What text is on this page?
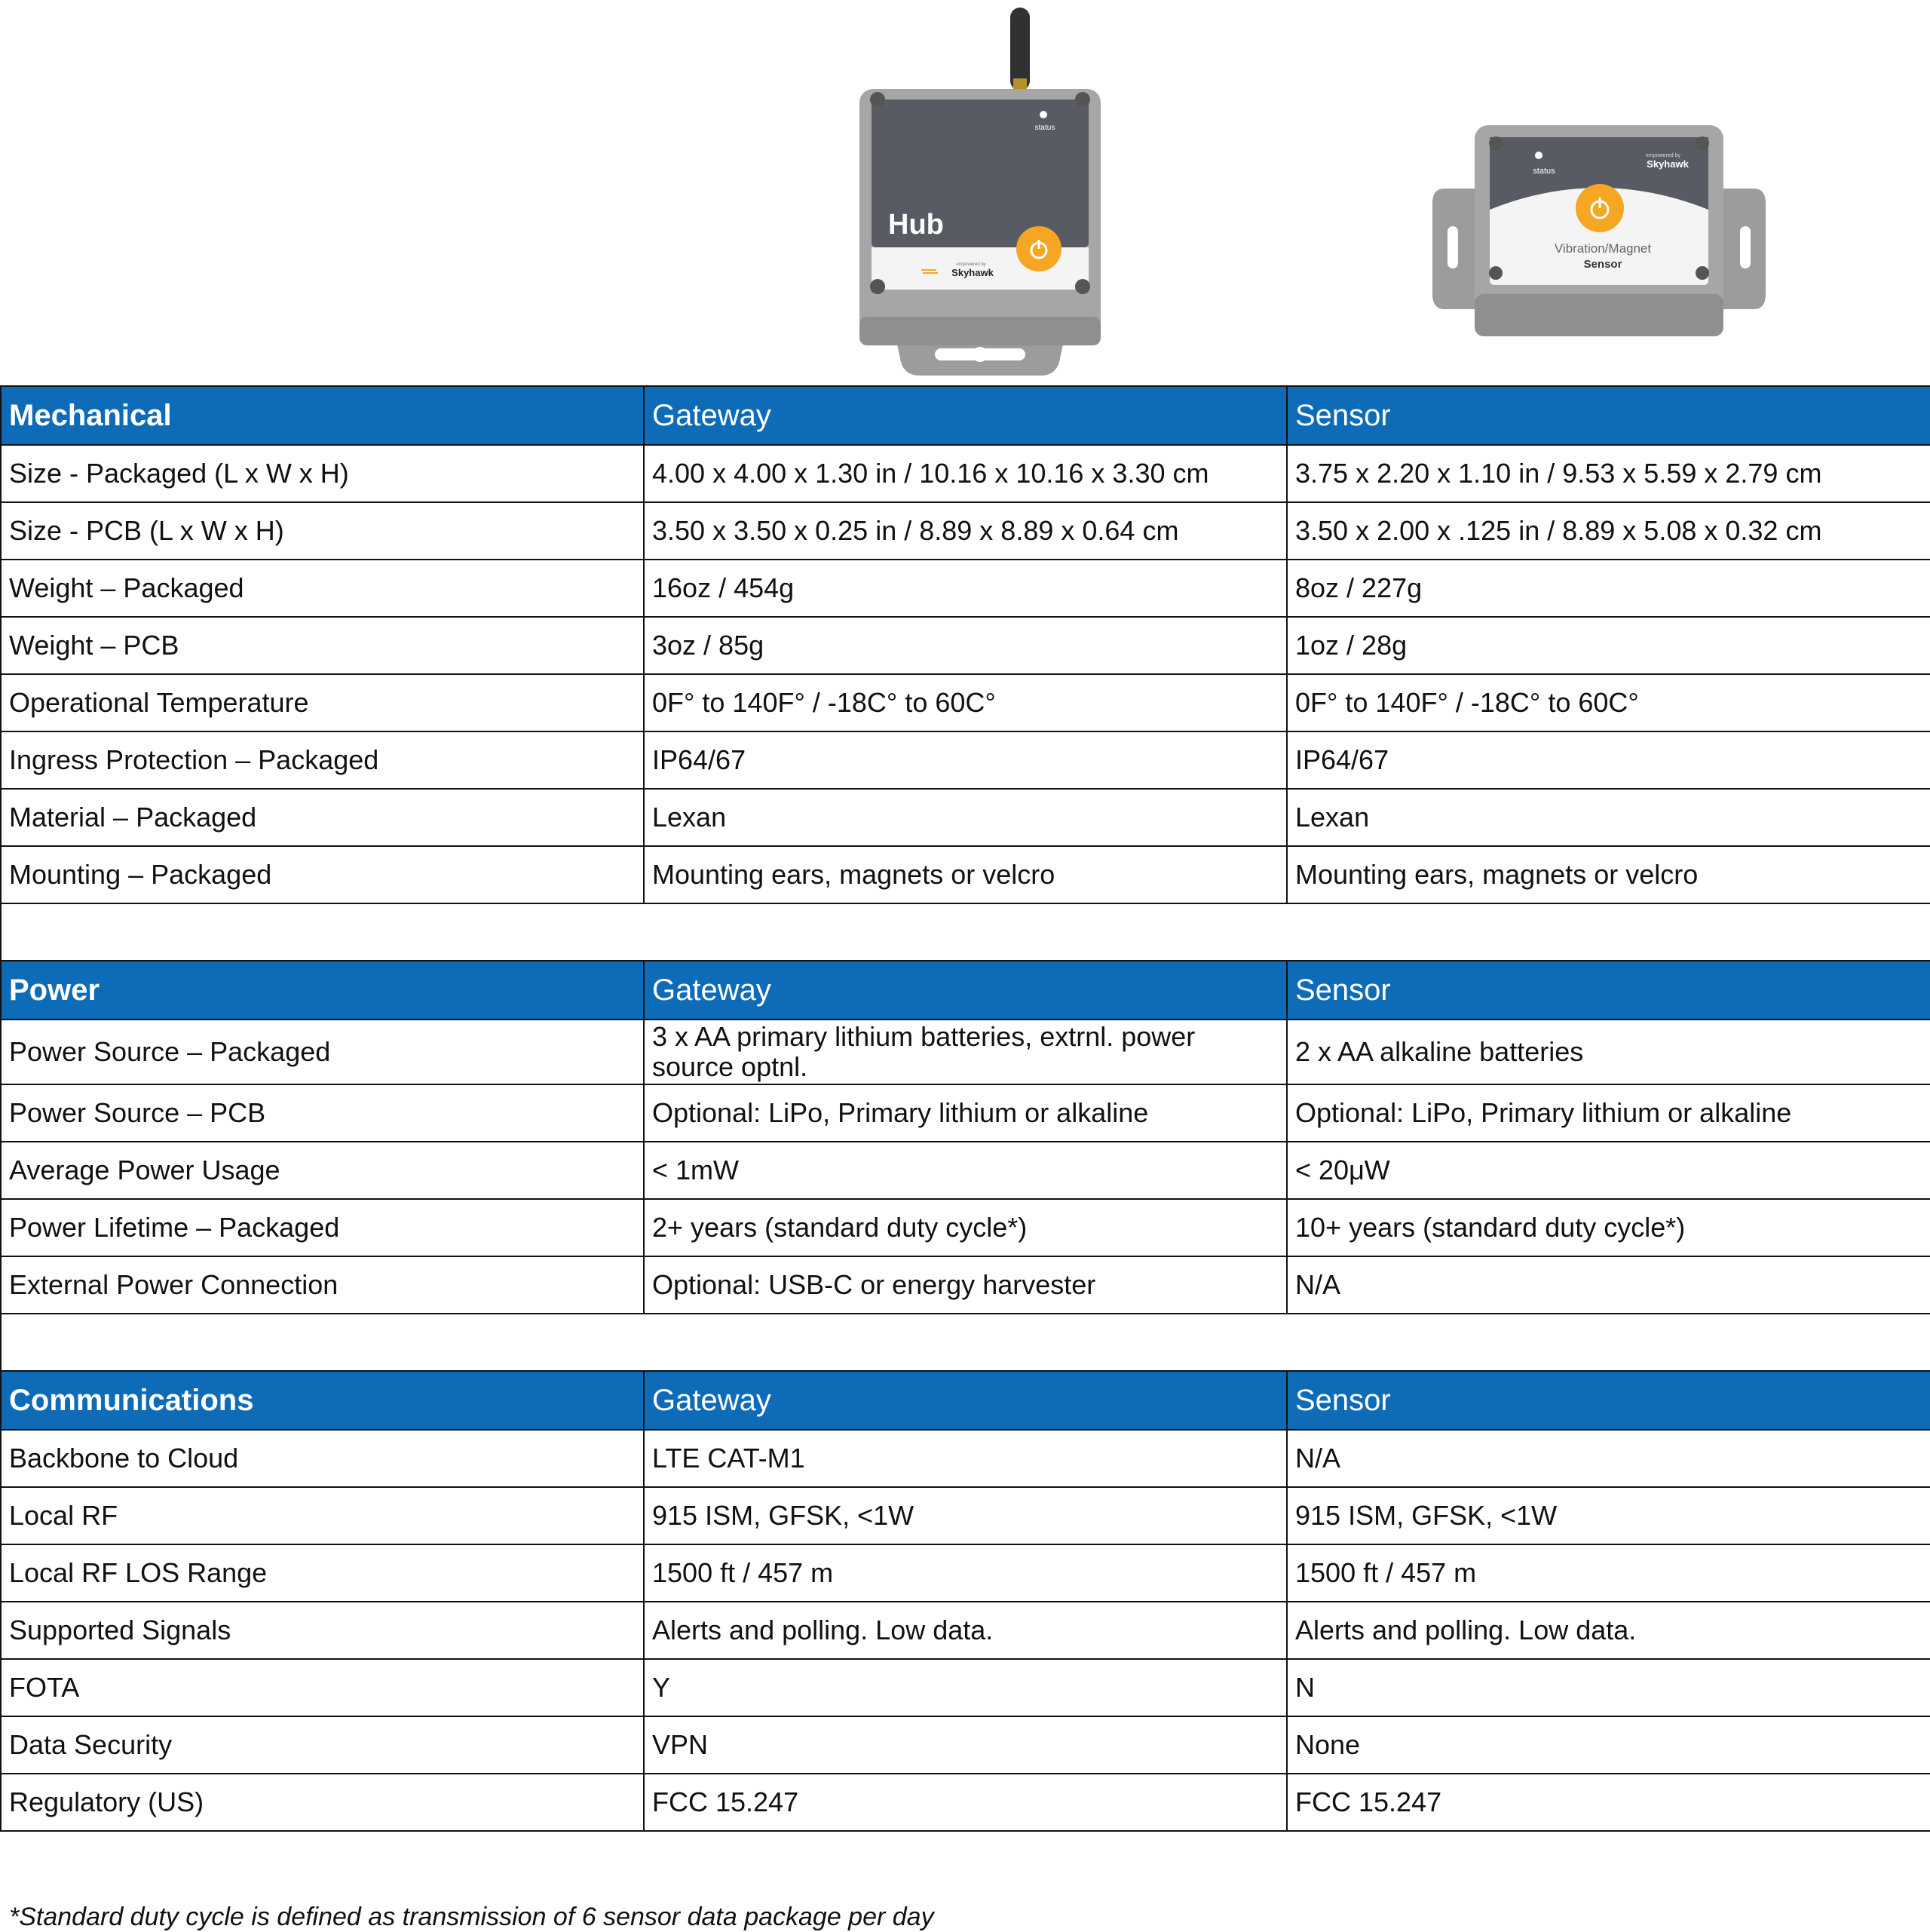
status
Hub
empowered by
Skyhawk
status
empowered by
Skyhawk
Vibration/Magnet
Sensor
Mechanical	Gateway	Sensor
Size - Packaged (L x W x H)	4.00 x 4.00 x 1.30 in / 10.16 x 10.16 x 3.30 cm	3.75 x 2.20 x 1.10 in / 9.53 x 5.59 x 2.79 cm
Size - PCB (L x W x H)	3.50 x 3.50 x 0.25 in / 8.89 x 8.89 x 0.64 cm	3.50 x 2.00 x .125 in / 8.89 x 5.08 x 0.32 cm
Weight – Packaged	16oz / 454g	8oz / 227g
Weight – PCB	3oz / 85g	1oz / 28g
Operational Temperature	0F° to 140F° / -18C° to 60C°	0F° to 140F° / -18C° to 60C°
Ingress Protection – Packaged	IP64/67	IP64/67
Material – Packaged	Lexan	Lexan
Mounting – Packaged	Mounting ears, magnets or velcro	Mounting ears, magnets or velcro

Power	Gateway	Sensor
Power Source – Packaged	3 x AA primary lithium batteries, extrnl. power source optnl.	2 x AA alkaline batteries
Power Source – PCB	Optional: LiPo, Primary lithium or alkaline	Optional: LiPo, Primary lithium or alkaline
Average Power Usage	< 1mW	< 20μW
Power Lifetime – Packaged	2+ years (standard duty cycle*)	10+ years (standard duty cycle*)
External Power Connection	Optional: USB-C or energy harvester	N/A

Communications	Gateway	Sensor
Backbone to Cloud	LTE CAT-M1	N/A
Local RF	915 ISM, GFSK, <1W	915 ISM, GFSK, <1W
Local RF LOS Range	1500 ft / 457 m	1500 ft / 457 m
Supported Signals	Alerts and polling. Low data.	Alerts and polling. Low data.
FOTA	Y	N
Data Security	VPN	None
Regulatory (US)	FCC 15.247	FCC 15.247
*Standard duty cycle is defined as transmission of 6 sensor data package per day
